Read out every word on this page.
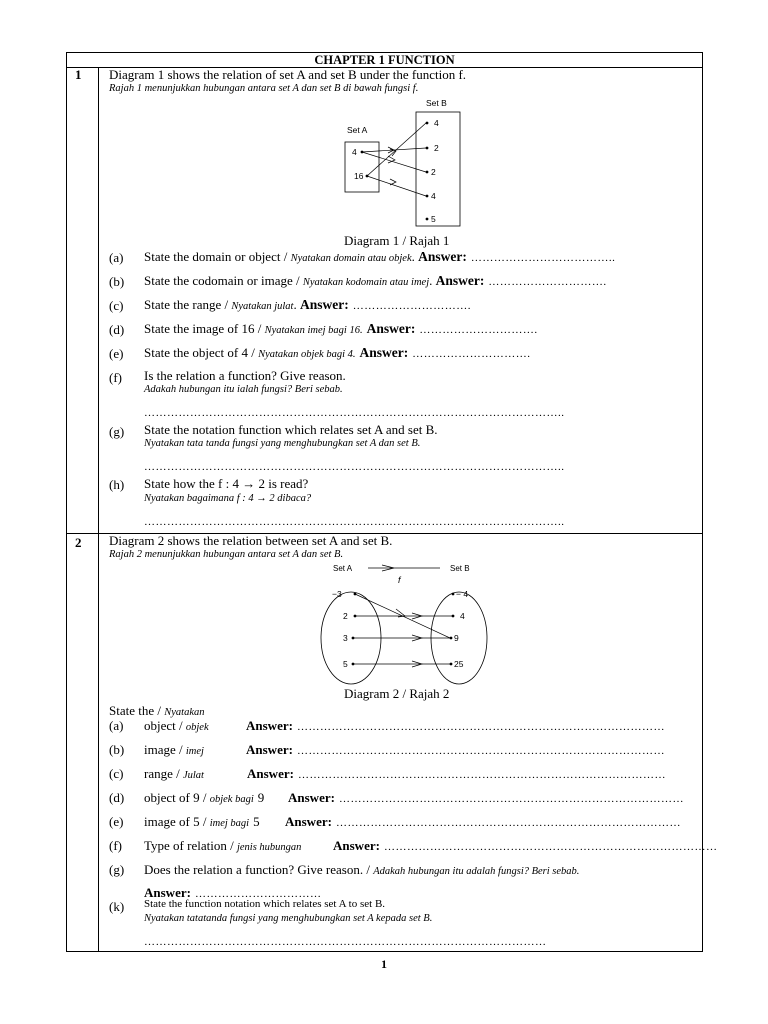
CHAPTER 1 FUNCTION
1 Diagram 1 shows the relation of set A and set B under the function f.
Rajah 1 menunjukkan hubungan antara set A dan set B di bawah fungsi f.
Set B
Set A
4
16
4
2
2
4
5
Diagram 1 / Rajah 1
(a) State the domain or object / Nyatakan domain atau objek. Answer: ………………………………..
(b) State the codomain or image / Nyatakan kodomain atau imej. Answer: ………………………….
(c) State the range / Nyatakan julat. Answer: ………………………….
(d) State the image of 16 / Nyatakan imej bagi 16. Answer: ………………………….
(e) State the object of 4 / Nyatakan objek bagi 4. Answer: ………………………….
(f) Is the relation a function? Give reason.
Adakah hubungan itu ialah fungsi? Beri sebab.
………………………………………………………………………………………………..
(g) State the notation function which relates set A and set B.
Nyatakan tata tanda fungsi yang menghubungkan set A dan set B.
………………………………………………………………………………………………..
(h) State how the f : 4 → 2 is read?
Nyatakan bagaimana f : 4 → 2 dibaca?
………………………………………………………………………………………………..
2 Diagram 2 shows the relation between set A and set B.
Rajah 2 menunjukkan hubungan antara set A dan set B.
Set A	Set B
f
−3
2
3
5
− 4
4
9
25
Diagram 2 / Rajah 2
State the / Nyatakan
(a) object / objek	Answer: ……………………………………………………………………………………
(b) image / imej	Answer: ……………………………………………………………………………………
(c) range / Julat	Answer: ……………………………………………………………………………………
(d) object of 9 / objek bagi 9 Answer: ………………………………………………………………………………
(e) image of 5 / imej bagi 5 Answer: ………………………………………………………………………………
(f) Type of relation / jenis hubungan Answer: ……………………………………………………………………………
(g) Does the relation a function? Give reason. / Adakah hubungan itu adalah fungsi? Beri sebab.
Answer: ……………………………
(k) State the function notation which relates set A to set B.
Nyatakan tatatanda fungsi yang menghubungkan set A kepada set B.
……………………………………………………………………………………………
1
